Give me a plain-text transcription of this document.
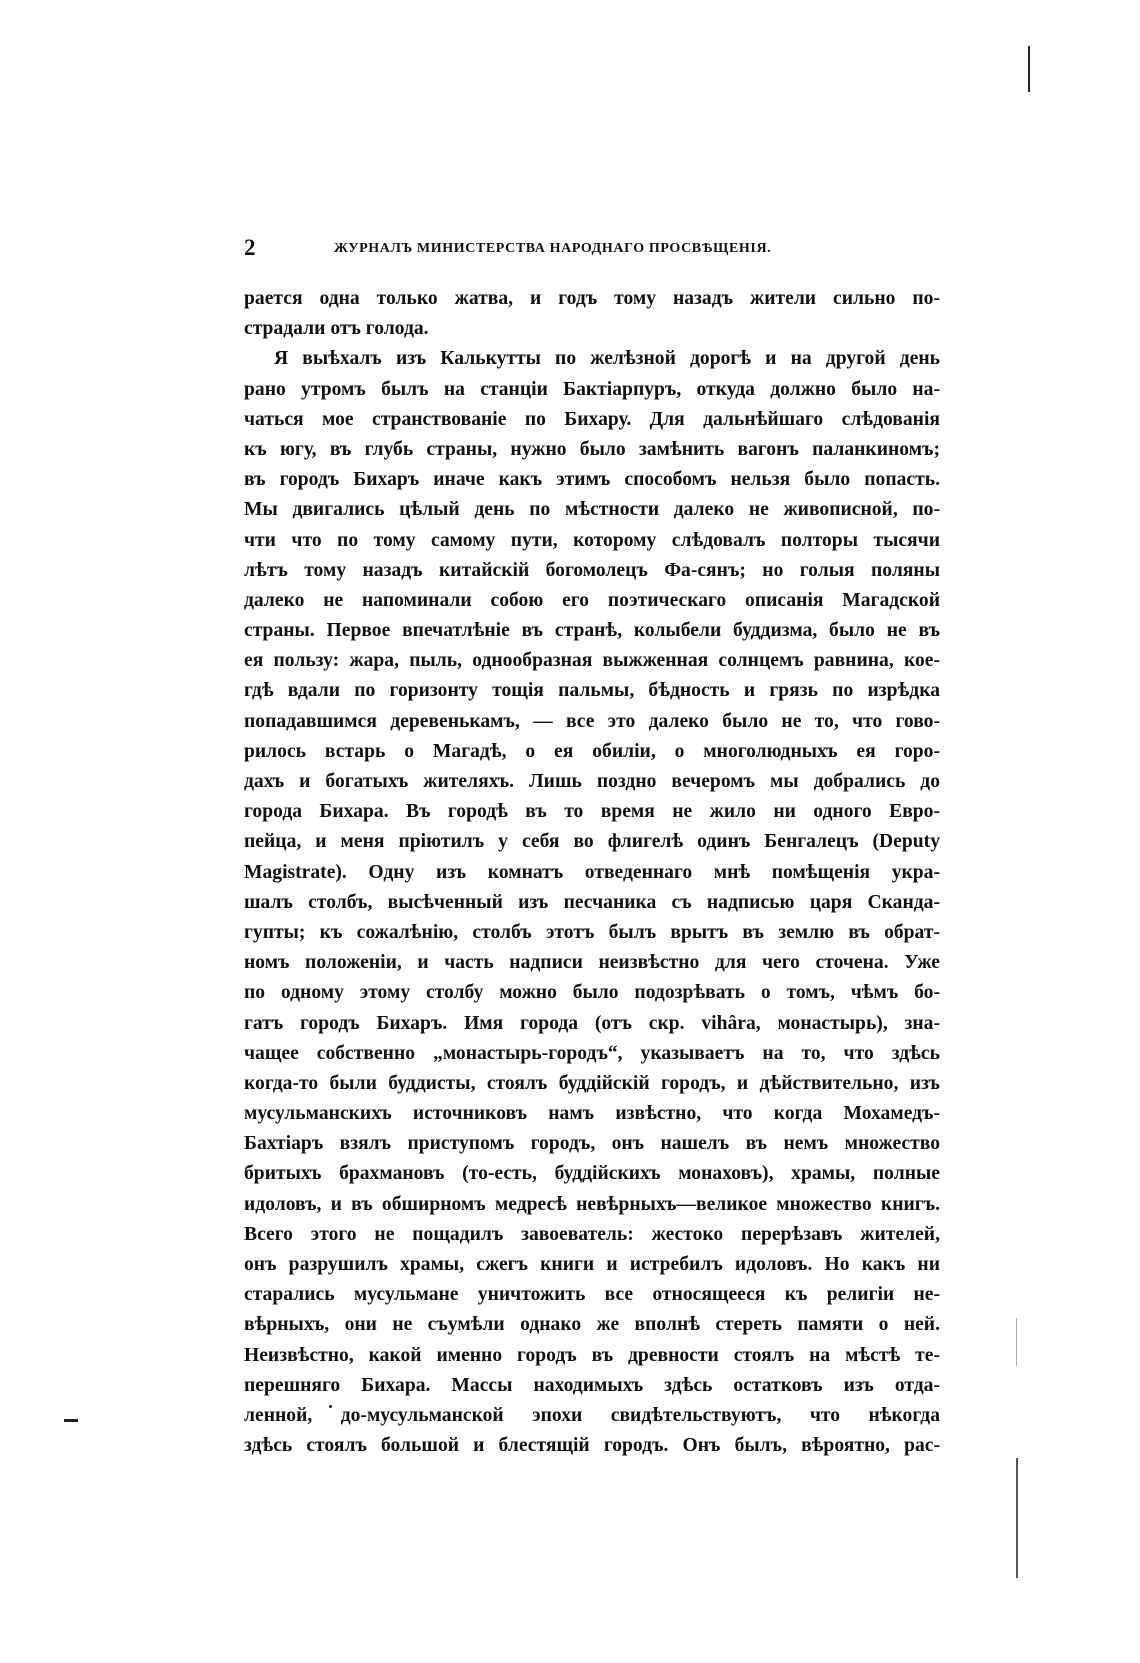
2	ЖУРНАЛЪ МИНИСТЕРСТВА НАРОДНАГО ПРОСВѢЩЕНІЯ.
рается одна только жатва, и годъ тому назадъ жители сильно по-
страдали отъ голода.
Я выѣхалъ изъ Калькутты по желѣзной дорогѣ и на другой день
рано утромъ былъ на станціи Бактіарпуръ, откуда должно было на-
чаться мое странствованіе по Бихару. Для дальнѣйшаго слѣдованія
къ югу, въ глубь страны, нужно было замѣнить вагонъ паланкиномъ;
въ городъ Бихаръ иначе какъ этимъ способомъ нельзя было попасть.
Мы двигались цѣлый день по мѣстности далеко не живописной, по-
чти что по тому самому пути, которому слѣдовалъ полторы тысячи
лѣтъ тому назадъ китайскій богомолецъ Фа-сянъ; но голыя поляны
далеко не напоминали собою его поэтическаго описанія Магадской
страны. Первое впечатлѣніе въ странѣ, колыбели буддизма, было не въ
ея пользу: жара, пыль, однообразная выжженная солнцемъ равнина, кое-
гдѣ вдали по горизонту тощія пальмы, бѣдность и грязь по изрѣдка
попадавшимся деревенькамъ, — все это далеко было не то, что гово-
рилось встарь о Магадѣ, о ея обиліи, о многолюдныхъ ея горо-
дахъ и богатыхъ жителяхъ. Лишь поздно вечеромъ мы добрались до
города Бихара. Въ городѣ въ то время не жило ни одного Евро-
пейца, и меня пріютилъ у себя во флигелѣ одинъ Бенгалецъ (Deputy
Magistrate). Одну изъ комнатъ отведеннаго мнѣ помѣщенія укра-
шалъ столбъ, высѣченный изъ песчаника съ надписью царя Сканда-
гупты; къ сожалѣнію, столбъ этотъ былъ врытъ въ землю въ обрат-
номъ положеніи, и часть надписи неизвѣстно для чего сточена. Уже
по одному этому столбу можно было подозрѣвать о томъ, чѣмъ бо-
гатъ городъ Бихаръ. Имя города (отъ скр. vihâra, монастырь), зна-
чащее собственно „монастырь-городъ“, указываетъ на то, что здѣсь
когда-то были буддисты, стоялъ буддійскій городъ, и дѣйствительно, изъ
мусульманскихъ источниковъ намъ извѣстно, что когда Мохамедъ-
Бахтіаръ взялъ приступомъ городъ, онъ нашелъ въ немъ множество
бритыхъ брахмановъ (то-есть, буддійскихъ монаховъ), храмы, полные
идоловъ, и въ обширномъ медресѣ невѣрныхъ—великое множество книгъ.
Всего этого не пощадилъ завоеватель: жестоко перерѣзавъ жителей,
онъ разрушилъ храмы, сжегъ книги и истребилъ идоловъ. Но какъ ни
старались мусульмане уничтожить все относящееся къ религіи не-
вѣрныхъ, они не съумѣли однако же вполнѣ стереть памяти о ней.
Неизвѣстно, какой именно городъ въ древности стоялъ на мѣстѣ те-
перешняго Бихара. Массы находимыхъ здѣсь остатковъ изъ отда-
ленной, до-мусульманской эпохи свидѣтельствуютъ, что нѣкогда
здѣсь стоялъ большой и блестящій городъ. Онъ былъ, вѣроятно, рас-
